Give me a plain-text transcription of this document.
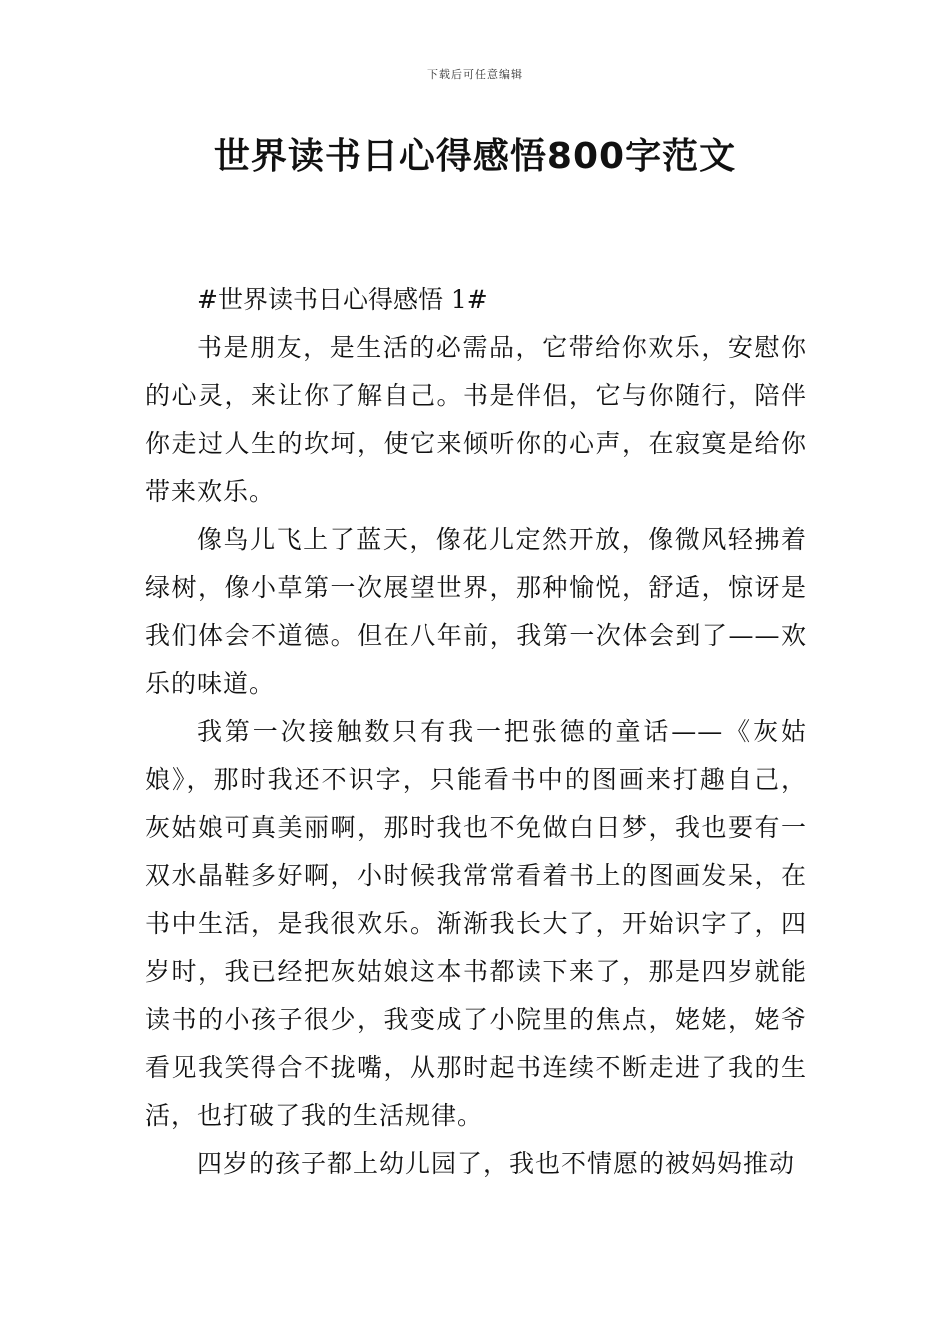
下载后可任意编辑
世界读书日心得感悟800字范文

#世界读书日心得感悟 1#

书是朋友，是生活的必需品，它带给你欢乐，安慰你的心灵，来让你了解自己。书是伴侣，它与你随行，陪伴你走过人生的坎坷，使它来倾听你的心声，在寂寞是给你带来欢乐。

像鸟儿飞上了蓝天，像花儿定然开放，像微风轻拂着绿树，像小草第一次展望世界，那种愉悦，舒适，惊讶是我们体会不道德。但在八年前，我第一次体会到了——欢乐的味道。

我第一次接触数只有我一把张德的童话——《灰姑娘》，那时我还不识字，只能看书中的图画来打趣自己，灰姑娘可真美丽啊，那时我也不免做白日梦，我也要有一双水晶鞋多好啊，小时候我常常看着书上的图画发呆，在书中生活，是我很欢乐。渐渐我长大了，开始识字了，四岁时，我已经把灰姑娘这本书都读下来了，那是四岁就能读书的小孩子很少，我变成了小院里的焦点，姥姥，姥爷看见我笑得合不拢嘴，从那时起书连续不断走进了我的生活，也打破了我的生活规律。

四岁的孩子都上幼儿园了，我也不情愿的被妈妈推动
